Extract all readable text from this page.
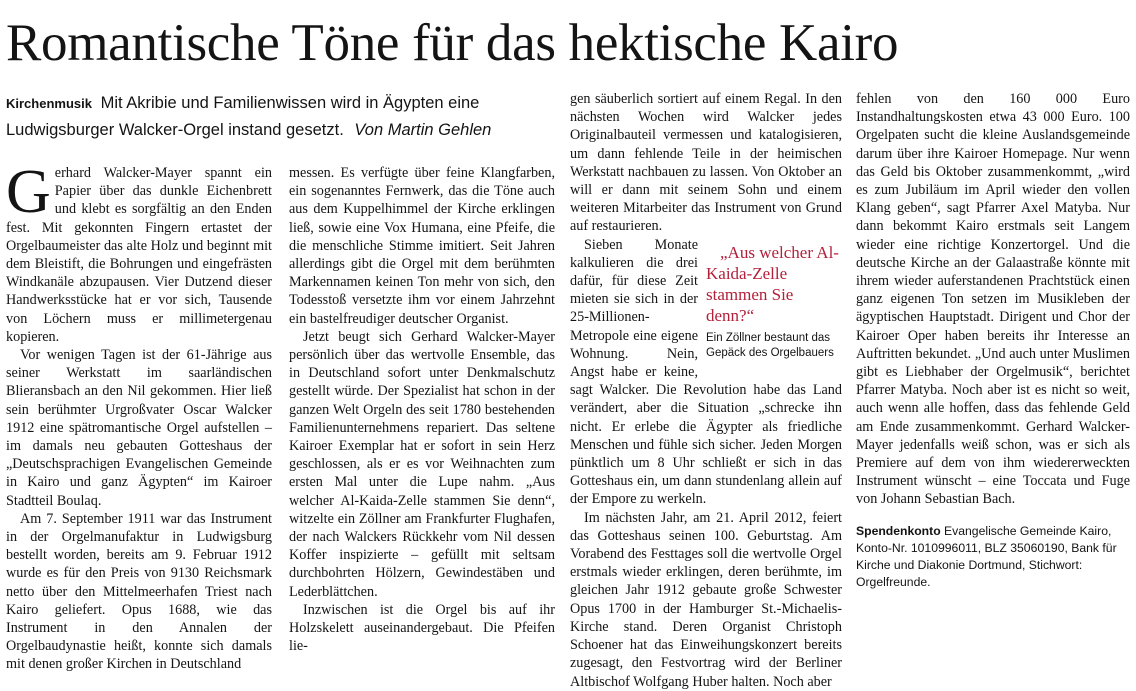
Romantische Töne für das hektische Kairo
Kirchenmusik Mit Akribie und Familienwissen wird in Ägypten eine
Ludwigsburger Walcker-Orgel instand gesetzt. Von Martin Gehlen

Gerhard Walcker-Mayer spannt ein Papier über das dunkle Eichenbrett und klebt es sorgfältig an den Enden fest. Mit gekonnten Fingern ertastet der Orgelbaumeister das alte Holz und beginnt mit dem Bleistift, die Bohrungen und eingefrästen Windkanäle abzupausen. Vier Dutzend dieser Handwerksstücke hat er vor sich, Tausende von Löchern muss er millimetergenau kopieren.

Vor wenigen Tagen ist der 61-Jährige aus seiner Werkstatt im saarländischen Blieransbach an den Nil gekommen. Hier ließ sein berühmter Urgroßvater Oscar Walcker 1912 eine spätromantische Orgel aufstellen – im damals neu gebauten Gotteshaus der „Deutschsprachigen Evangelischen Gemeinde in Kairo und ganz Ägypten“ im Kairoer Stadtteil Boulaq.

Am 7. September 1911 war das Instrument in der Orgelmanufaktur in Ludwigsburg bestellt worden, bereits am 9. Februar 1912 wurde es für den Preis von 9130 Reichsmark netto über den Mittelmeerhafen Triest nach Kairo geliefert. Opus 1688, wie das Instrument in den Annalen der Orgelbaudynastie heißt, konnte sich damals mit denen großer Kirchen in Deutschland

messen. Es verfügte über feine Klangfarben, ein sogenanntes Fernwerk, das die Töne auch aus dem Kuppelhimmel der Kirche erklingen ließ, sowie eine Vox Humana, eine Pfeife, die die menschliche Stimme imitiert. Seit Jahren allerdings gibt die Orgel mit dem berühmten Markennamen keinen Ton mehr von sich, den Todesstoß versetzte ihm vor einem Jahrzehnt ein bastelfreudiger deutscher Organist.

Jetzt beugt sich Gerhard Walcker-Mayer persönlich über das wertvolle Ensemble, das in Deutschland sofort unter Denkmalschutz gestellt würde. Der Spezialist hat schon in der ganzen Welt Orgeln des seit 1780 bestehenden Familienunternehmens repariert. Das seltene Kairoer Exemplar hat er sofort in sein Herz geschlossen, als er es vor Weihnachten zum ersten Mal unter die Lupe nahm. „Aus welcher Al-Kaida-Zelle stammen Sie denn“, witzelte ein Zöllner am Frankfurter Flughafen, der nach Walckers Rückkehr vom Nil dessen Koffer inspizierte – gefüllt mit seltsam durchbohrten Hölzern, Gewindestäben und Lederblättchen.

Inzwischen ist die Orgel bis auf ihr Holzskelett auseinandergebaut. Die Pfeifen lie-

gen säuberlich sortiert auf einem Regal. In den nächsten Wochen wird Walcker jedes Originalbauteil vermessen und katalogisieren, um dann fehlende Teile in der heimischen Werkstatt nachbauen zu lassen. Von Oktober an will er dann mit seinem Sohn und einem weiteren Mitarbeiter das Instrument von Grund auf restaurieren.

„Aus welcher Al-Kaida-Zelle stammen Sie denn?“
Ein Zöllner bestaunt das Gepäck des Orgelbauers
Sieben Monate kalkulieren die drei dafür, für diese Zeit mieten sie sich in der 25-Millionen-Metropole eine eigene Wohnung. Nein, Angst habe er keine, sagt Walcker. Die Revolution habe das Land verändert, aber die Situation „schrecke ihn nicht. Er erlebe die Ägypter als friedliche Menschen und fühle sich sicher. Jeden Morgen pünktlich um 8 Uhr schließt er sich in das Gotteshaus ein, um dann stundenlang allein auf der Empore zu werkeln.

Im nächsten Jahr, am 21. April 2012, feiert das Gotteshaus seinen 100. Geburtstag. Am Vorabend des Festtages soll die wertvolle Orgel erstmals wieder erklingen, deren berühmte, im gleichen Jahr 1912 gebaute große Schwester Opus 1700 in der Hamburger St.-Michaelis-Kirche stand. Deren Organist Christoph Schoener hat das Einweihungskonzert bereits zugesagt, den Festvortrag wird der Berliner Altbischof Wolfgang Huber halten. Noch aber

fehlen von den 160 000 Euro Instandhaltungskosten etwa 43 000 Euro. 100 Orgelpaten sucht die kleine Auslandsgemeinde darum über ihre Kairoer Homepage. Nur wenn das Geld bis Oktober zusammenkommt, „wird es zum Jubiläum im April wieder den vollen Klang geben“, sagt Pfarrer Axel Matyba. Nur dann bekommt Kairo erstmals seit Langem wieder eine richtige Konzertorgel. Und die deutsche Kirche an der Galaastraße könnte mit ihrem wieder auferstandenen Prachtstück einen ganz eigenen Ton setzen im Musikleben der ägyptischen Hauptstadt. Dirigent und Chor der Kairoer Oper haben bereits ihr Interesse an Auftritten bekundet. „Und auch unter Muslimen gibt es Liebhaber der Orgelmusik“, berichtet Pfarrer Matyba. Noch aber ist es nicht so weit, auch wenn alle hoffen, dass das fehlende Geld am Ende zusammenkommt. Gerhard Walcker-Mayer jedenfalls weiß schon, was er sich als Premiere auf dem von ihm wiedererweckten Instrument wünscht – eine Toccata und Fuge von Johann Sebastian Bach.

Spendenkonto Evangelische Gemeinde Kairo, Konto-Nr. 1010996011, BLZ 35060190, Bank für Kirche und Diakonie Dortmund, Stichwort: Orgelfreunde.
